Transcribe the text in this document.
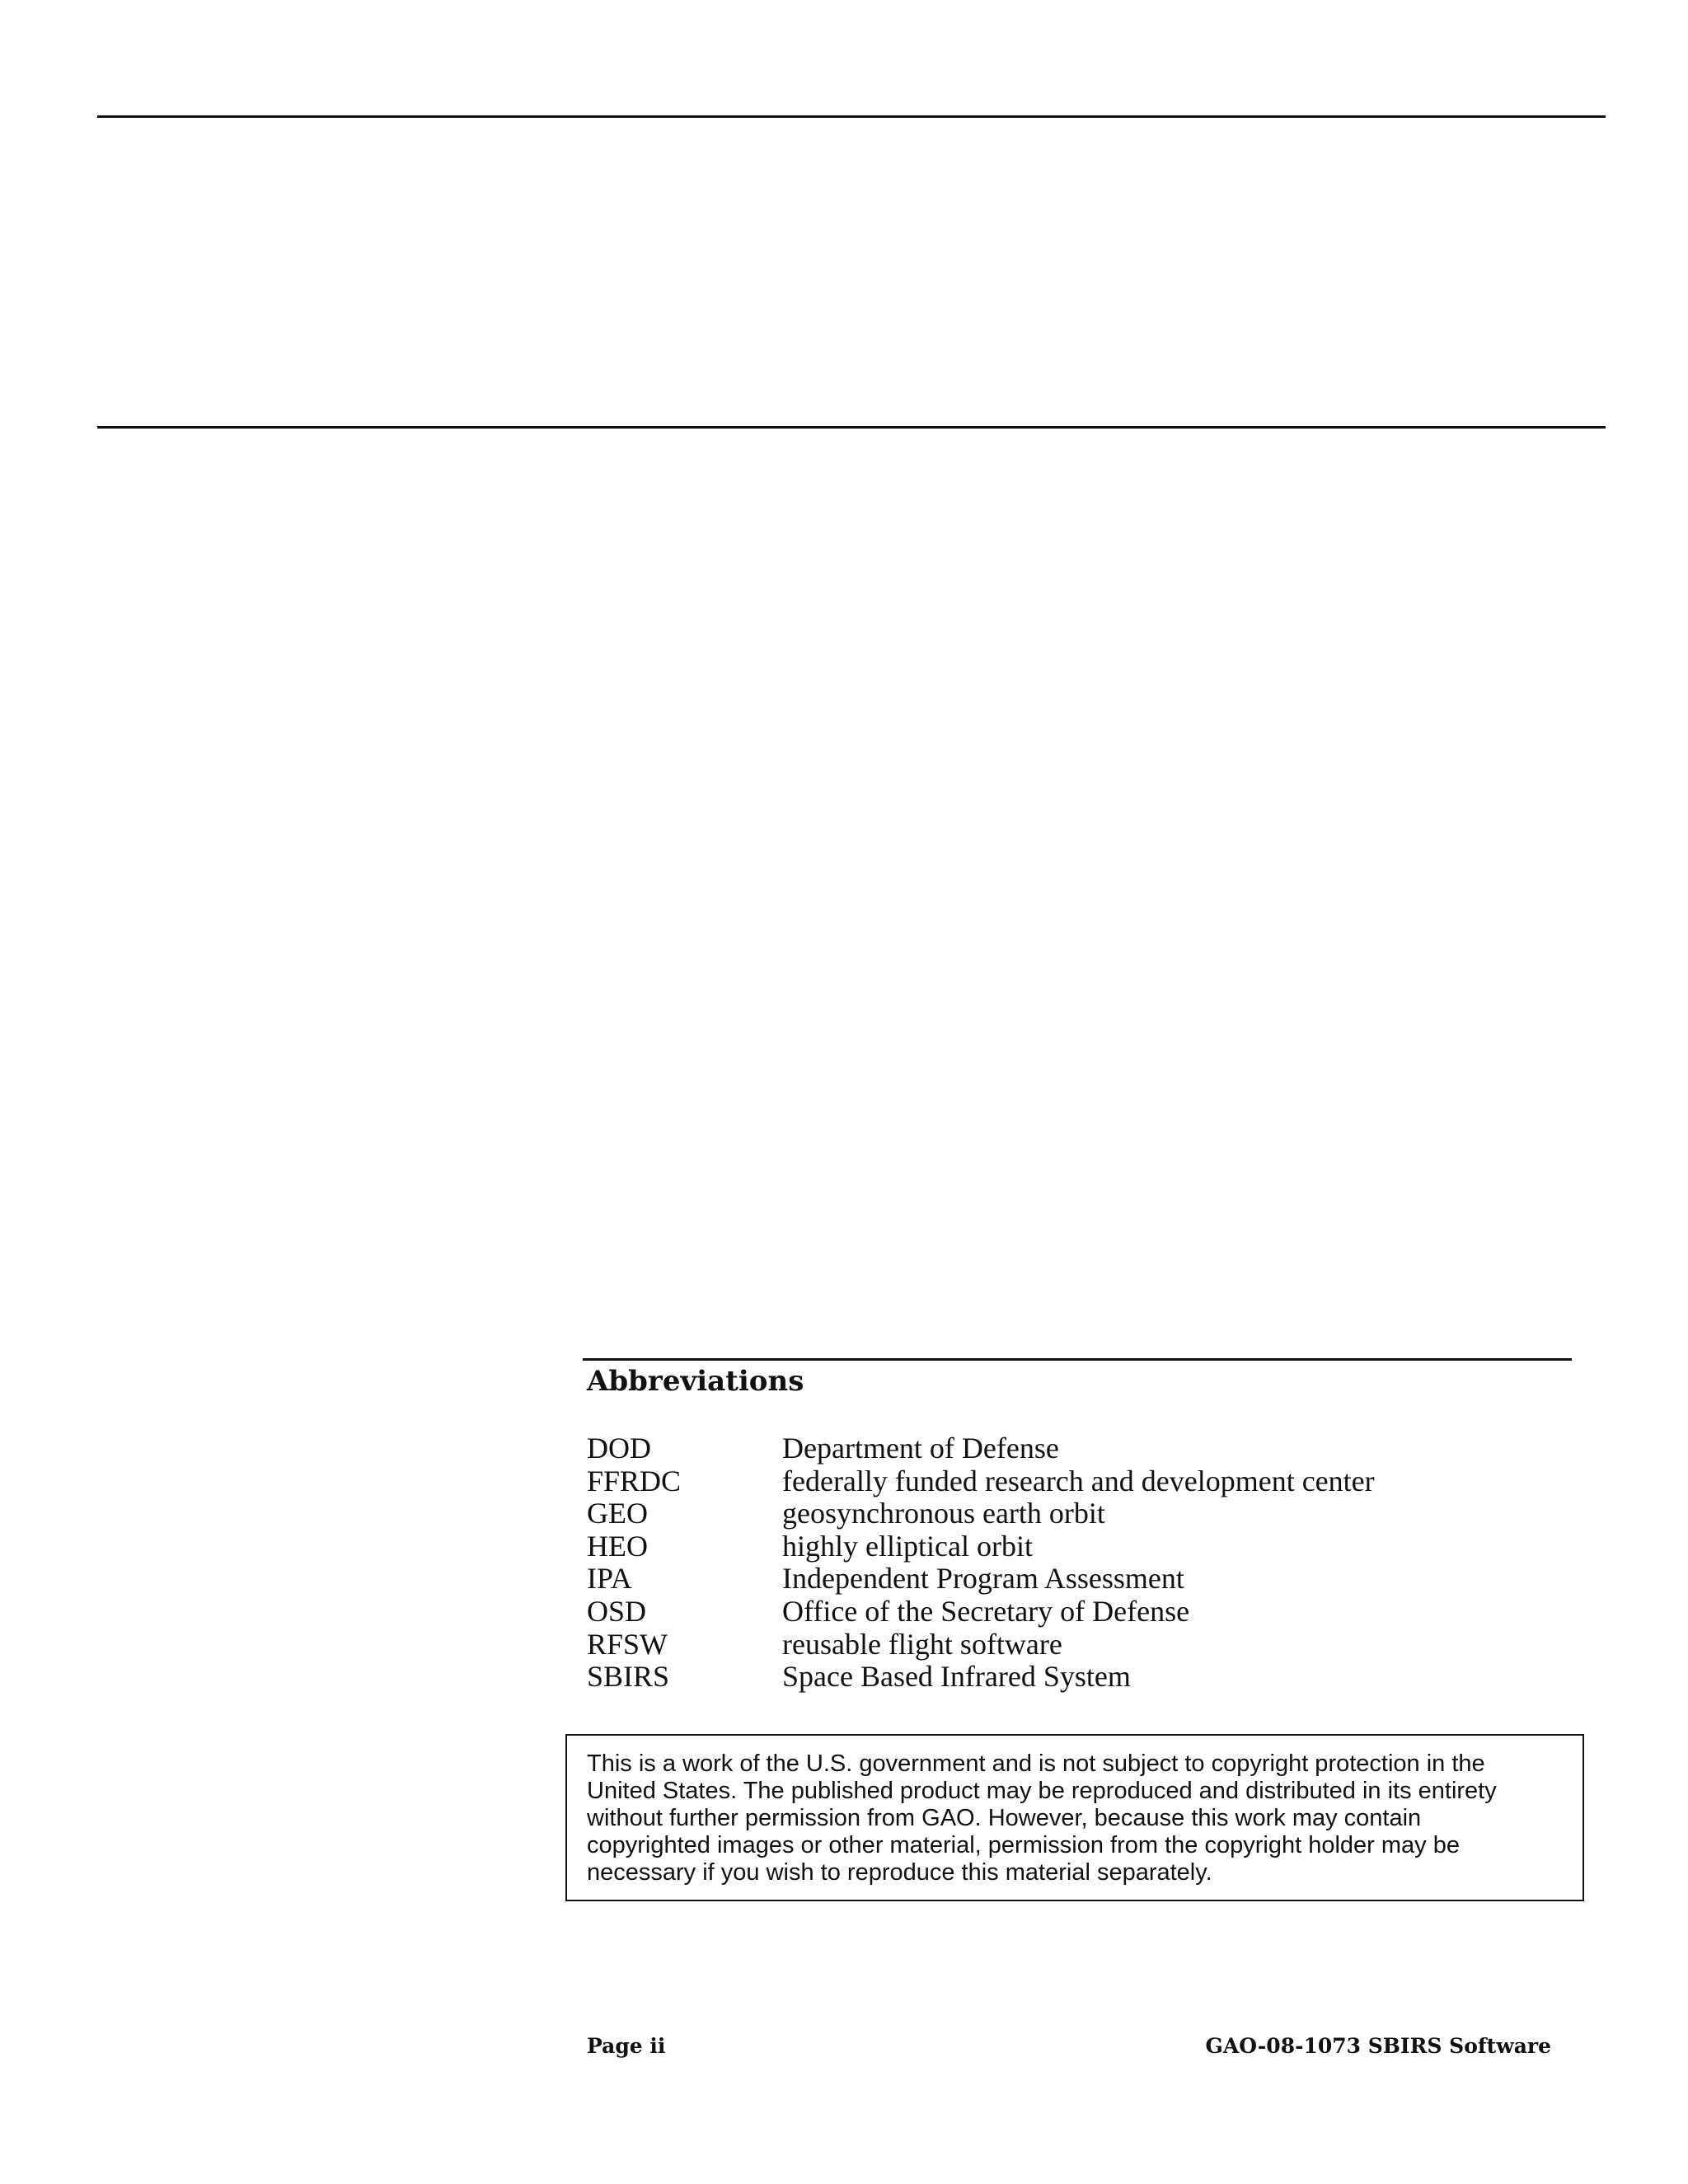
Abbreviations
DOD	Department of Defense
FFRDC	federally funded research and development center
GEO	geosynchronous earth orbit
HEO	highly elliptical orbit
IPA	Independent Program Assessment
OSD	Office of the Secretary of Defense
RFSW	reusable flight software
SBIRS	Space Based Infrared System
This is a work of the U.S. government and is not subject to copyright protection in the
United States. The published product may be reproduced and distributed in its entirety
without further permission from GAO. However, because this work may contain
copyrighted images or other material, permission from the copyright holder may be
necessary if you wish to reproduce this material separately.
Page ii	GAO-08-1073 SBIRS Software
